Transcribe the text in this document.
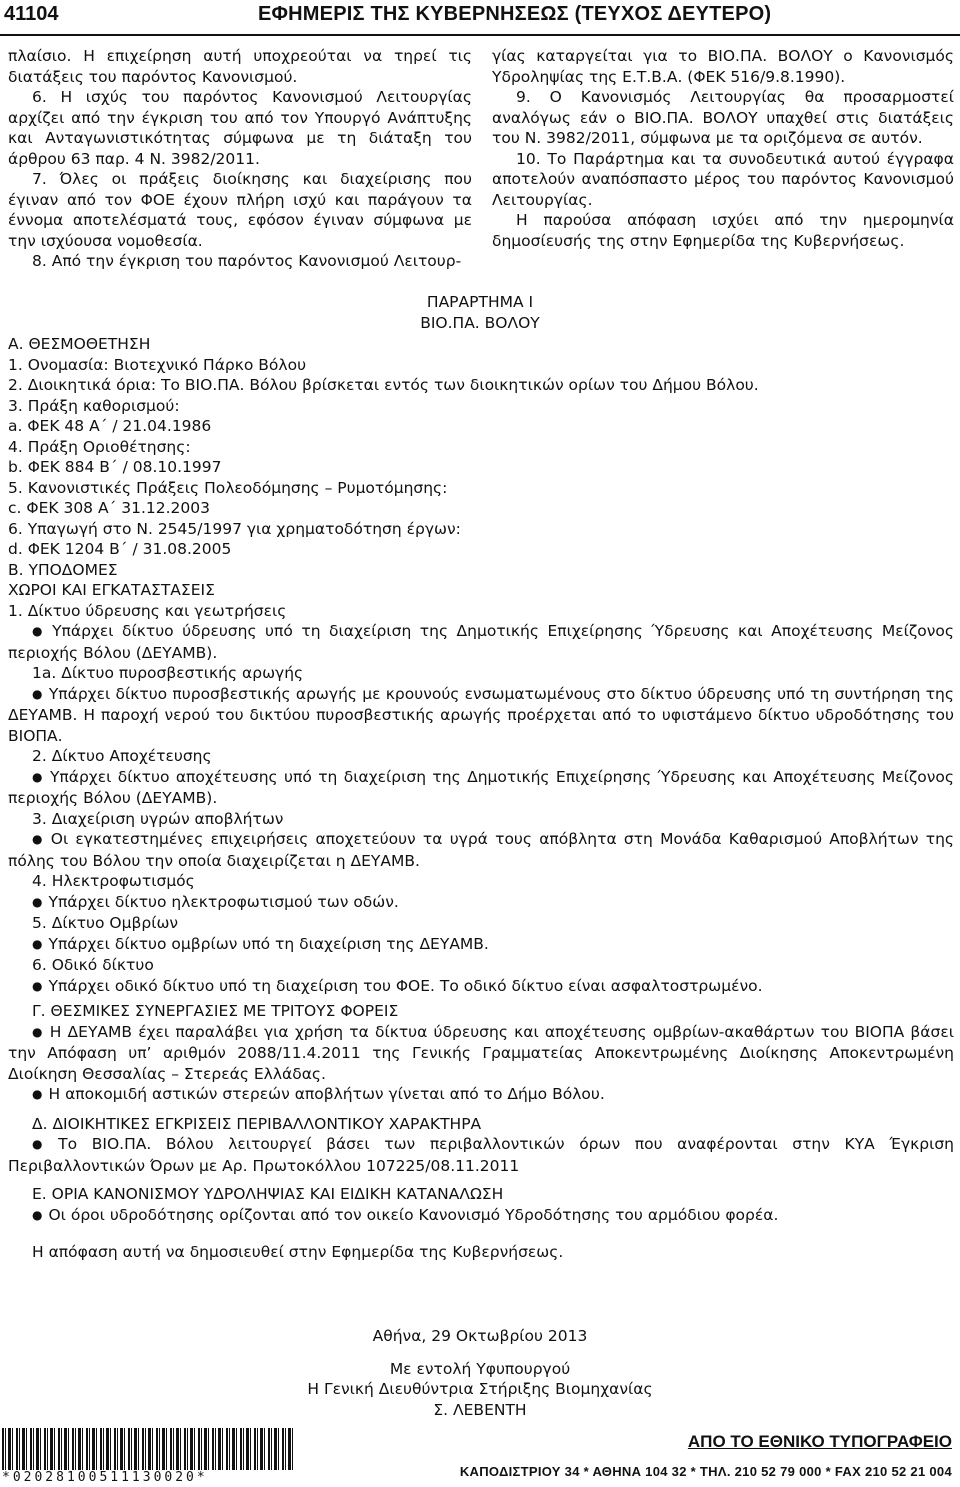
41104	ΕΦΗΜΕΡΙΣ ΤΗΣ ΚΥΒΕΡΝΗΣΕΩΣ (ΤΕΥΧΟΣ ΔΕΥΤΕΡΟ)

πλαίσιο. Η επιχείρηση αυτή υποχρεούται να τηρεί τις διατάξεις του παρόντος Κανονισμού.

6. Η ισχύς του παρόντος Κανονισμού Λειτουργίας αρχίζει από την έγκριση του από τον Υπουργό Ανάπτυξης και Ανταγωνιστικότητας σύμφωνα με τη διάταξη του άρθρου 63 παρ. 4 Ν. 3982/2011.

7. Όλες οι πράξεις διοίκησης και διαχείρισης που έγιναν από τον ΦΟΕ έχουν πλήρη ισχύ και παράγουν τα έννομα αποτελέσματά τους, εφόσον έγιναν σύμφωνα με την ισχύουσα νομοθεσία.

8. Από την έγκριση του παρόντος Κανονισμού Λειτουρ-

γίας καταργείται για το ΒΙΟ.ΠΑ. ΒΟΛΟΥ ο Κανονισμός Υδροληψίας της Ε.Τ.Β.Α. (ΦΕΚ 516/9.8.1990).

9. Ο Κανονισμός Λειτουργίας θα προσαρμοστεί αναλόγως εάν ο ΒΙΟ.ΠΑ. ΒΟΛΟΥ υπαχθεί στις διατάξεις του Ν. 3982/2011, σύμφωνα με τα οριζόμενα σε αυτόν.

10. Το Παράρτημα και τα συνοδευτικά αυτού έγγραφα αποτελούν αναπόσπαστο μέρος του παρόντος Κανονισμού Λειτουργίας.

Η παρούσα απόφαση ισχύει από την ημερομηνία δημοσίευσής της στην Εφημερίδα της Κυβερνήσεως.

ΠΑΡΑΡΤΗΜΑ Ι
ΒΙΟ.ΠΑ. ΒΟΛΟΥ
Α. ΘΕΣΜΟΘΕΤΗΣΗ
1. Ονομασία: Βιοτεχνικό Πάρκο Βόλου
2. Διοικητικά όρια: Το ΒΙΟ.ΠΑ. Βόλου βρίσκεται εντός των διοικητικών ορίων του Δήμου Βόλου.
3. Πράξη καθορισμού:
a. ΦΕΚ 48 Α΄ / 21.04.1986
4. Πράξη Οριοθέτησης:
b. ΦΕΚ 884 Β΄ / 08.10.1997
5. Κανονιστικές Πράξεις Πολεοδόμησης – Ρυμοτόμησης:
c. ΦΕΚ 308 Α΄ 31.12.2003
6. Υπαγωγή στο Ν. 2545/1997 για χρηματοδότηση έργων:
d. ΦΕΚ 1204 Β΄ / 31.08.2005
Β. ΥΠΟΔΟΜΕΣ
ΧΩΡΟΙ ΚΑΙ ΕΓΚΑΤΑΣΤΑΣΕΙΣ
1. Δίκτυο ύδρευσης και γεωτρήσεις

● Υπάρχει δίκτυο ύδρευσης υπό τη διαχείριση της Δημοτικής Επιχείρησης Ύδρευσης και Αποχέτευσης Μείζονος περιοχής Βόλου (ΔΕΥΑΜΒ).

1a. Δίκτυο πυροσβεστικής αρωγής

● Υπάρχει δίκτυο πυροσβεστικής αρωγής με κρουνούς ενσωματωμένους στο δίκτυο ύδρευσης υπό τη συντήρηση της ΔΕΥΑΜΒ. Η παροχή νερού του δικτύου πυροσβεστικής αρωγής προέρχεται από το υφιστάμενο δίκτυο υδροδότησης του ΒΙΟΠΑ.

2. Δίκτυο Αποχέτευσης

● Υπάρχει δίκτυο αποχέτευσης υπό τη διαχείριση της Δημοτικής Επιχείρησης Ύδρευσης και Αποχέτευσης Μείζονος περιοχής Βόλου (ΔΕΥΑΜΒ).

3. Διαχείριση υγρών αποβλήτων

● Οι εγκατεστημένες επιχειρήσεις αποχετεύουν τα υγρά τους απόβλητα στη Μονάδα Καθαρισμού Αποβλήτων της πόλης του Βόλου την οποία διαχειρίζεται η ΔΕΥΑΜΒ.

4. Ηλεκτροφωτισμός

● Υπάρχει δίκτυο ηλεκτροφωτισμού των οδών.

5. Δίκτυο Ομβρίων

● Υπάρχει δίκτυο ομβρίων υπό τη διαχείριση της ΔΕΥΑΜΒ.

6. Οδικό δίκτυο

● Υπάρχει οδικό δίκτυο υπό τη διαχείριση του ΦΟΕ. Το οδικό δίκτυο είναι ασφαλτοστρωμένο.

Γ. ΘΕΣΜΙΚΕΣ ΣΥΝΕΡΓΑΣΙΕΣ ΜΕ ΤΡΙΤΟΥΣ ΦΟΡΕΙΣ

● Η ΔΕΥΑΜΒ έχει παραλάβει για χρήση τα δίκτυα ύδρευσης και αποχέτευσης ομβρίων-ακαθάρτων του ΒΙΟΠΑ βάσει την Απόφαση υπ’ αριθμόν 2088/11.4.2011 της Γενικής Γραμματείας Αποκεντρωμένης Διοίκησης Αποκεντρωμένη Διοίκηση Θεσσαλίας – Στερεάς Ελλάδας.

● Η αποκομιδή αστικών στερεών αποβλήτων γίνεται από το Δήμο Βόλου.

Δ. ΔΙΟΙΚΗΤΙΚΕΣ ΕΓΚΡΙΣΕΙΣ ΠΕΡΙΒΑΛΛΟΝΤΙΚΟΥ ΧΑΡΑΚΤΗΡΑ

● Το ΒΙΟ.ΠΑ. Βόλου λειτουργεί βάσει των περιβαλλοντικών όρων που αναφέρονται στην ΚΥΑ Έγκριση Περιβαλλοντικών Όρων με Αρ. Πρωτοκόλλου 107225/08.11.2011

Ε. ΟΡΙΑ ΚΑΝΟΝΙΣΜΟΥ ΥΔΡΟΛΗΨΙΑΣ ΚΑΙ ΕΙΔΙΚΗ ΚΑΤΑΝΑΛΩΣΗ

● Οι όροι υδροδότησης ορίζονται από τον οικείο Κανονισμό Υδροδότησης του αρμόδιου φορέα.

Η απόφαση αυτή να δημοσιευθεί στην Εφημερίδα της Κυβερνήσεως.

Αθήνα, 29 Οκτωβρίου 2013
Με εντολή Υφυπουργού
Η Γενική Διευθύντρια Στήριξης Βιομηχανίας
Σ. ΛΕΒΕΝΤΗ
*02028100511130020*
ΑΠΟ ΤΟ ΕΘΝΙΚΟ ΤΥΠΟΓΡΑΦΕΙΟ
ΚΑΠΟΔΙΣΤΡΙΟΥ 34 * ΑΘΗΝΑ 104 32 * ΤΗΛ. 210 52 79 000 * FAX 210 52 21 004
